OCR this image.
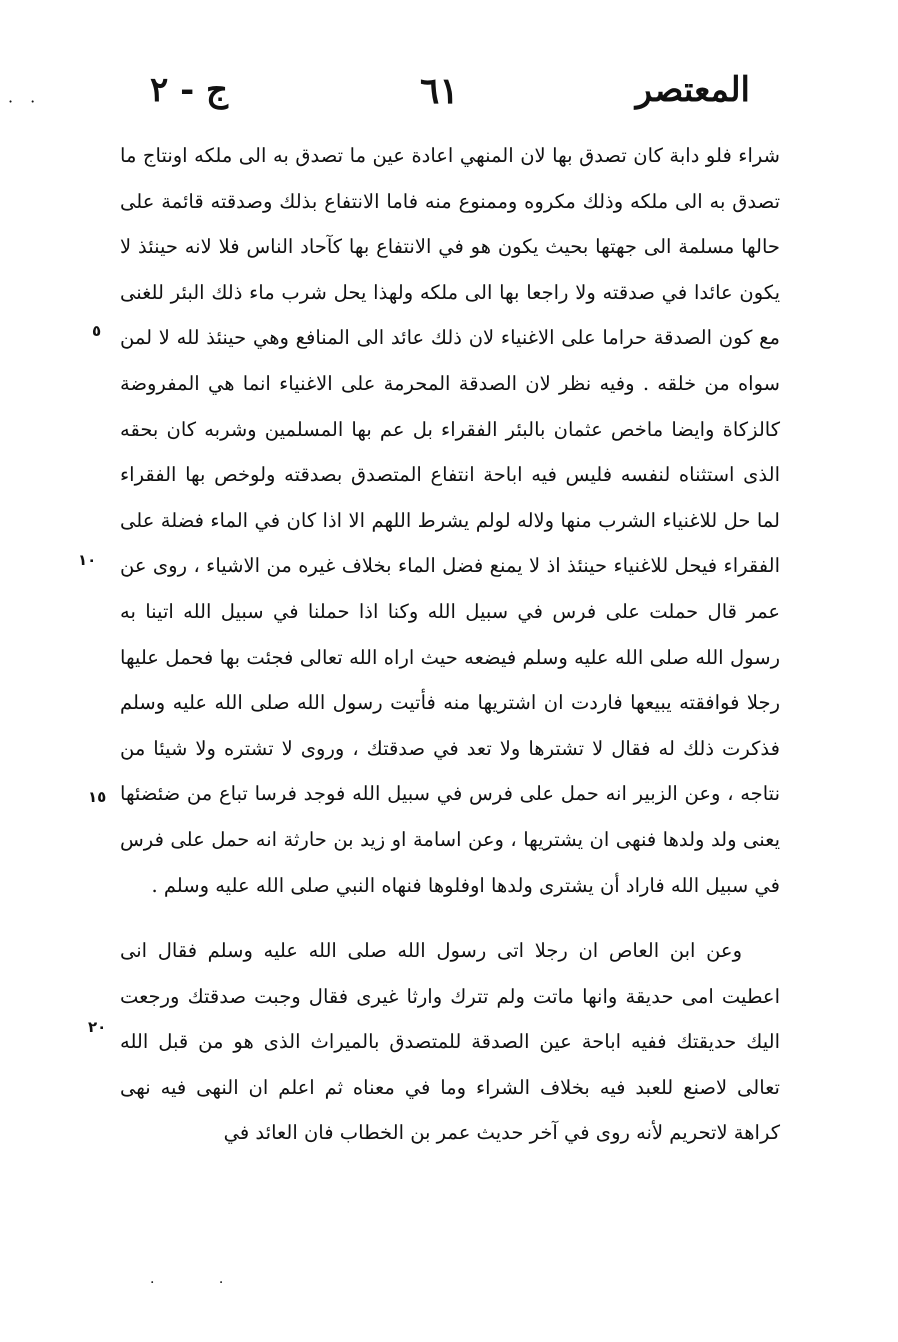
· ·	المعتصر
٦١
ج - ٢
٥
١٠
١٥
٢٠

شراء فلو دابة كان تصدق بها لان المنهي اعادة عين ما تصدق به الى ملكه اونتاج ما تصدق به الى ملكه وذلك مكروه وممنوع منه فاما الانتفاع بذلك وصدقته قائمة على حالها مسلمة الى جهتها بحيث يكون هو في الانتفاع بها كآحاد الناس فلا لانه حينئذ لا يكون عائدا في صدقته ولا راجعا بها الى ملكه ولهذا يحل شرب ماء ذلك البئر للغنى مع كون الصدقة حراما على الاغنياء لان ذلك عائد الى المنافع وهي حينئذ لله لا لمن سواه من خلقه . وفيه نظر لان الصدقة المحرمة على الاغنياء انما هي المفروضة كالزكاة وايضا ماخص عثمان بالبئر الفقراء بل عم بها المسلمين وشربه كان بحقه الذى استثناه لنفسه فليس فيه اباحة انتفاع المتصدق بصدقته ولوخص بها الفقراء لما حل للاغنياء الشرب منها ولاله لولم يشرط اللهم الا اذا كان في الماء فضلة على الفقراء فيحل للاغنياء حينئذ اذ لا يمنع فضل الماء بخلاف غيره من الاشياء ، روى عن عمر قال حملت على فرس في سبيل الله وكنا اذا حملنا في سبيل الله اتينا به رسول الله صلى الله عليه وسلم فيضعه حيث اراه الله تعالى فجئت بها فحمل عليها رجلا فوافقته يبيعها فاردت ان اشتريها منه فأتيت رسول الله صلى الله عليه وسلم فذكرت ذلك له فقال لا تشترها ولا تعد في صدقتك ، وروى لا تشتره ولا شيئا من نتاجه ، وعن الزبير انه حمل على فرس في سبيل الله فوجد فرسا تباع من ضئضئها يعنى ولد ولدها فنهى ان يشتريها ، وعن اسامة او زيد بن حارثة انه حمل على فرس في سبيل الله فاراد أن يشترى ولدها اوفلوها فنهاه النبي صلى الله عليه وسلم .

وعن ابن العاص ان رجلا اتى رسول الله صلى الله عليه وسلم فقال انى اعطيت امى حديقة وانها ماتت ولم تترك وارثا غيرى فقال وجبت صدقتك ورجعت اليك حديقتك ففيه اباحة عين الصدقة للمتصدق بالميراث الذى هو من قبل الله تعالى لاصنع للعبد فيه بخلاف الشراء وما في معناه ثم اعلم ان النهى فيه نهى كراهة لاتحريم لأنه روى في آخر حديث عمر بن الخطاب فان العائد في

· ·
